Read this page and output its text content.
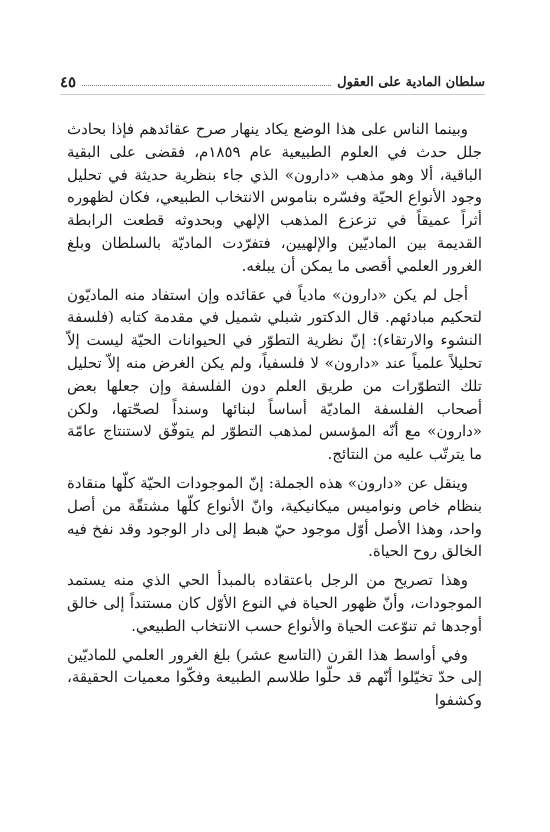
سلطان المادية على العقول
٤٥

وبينما الناس على هذا الوضع يكاد ينهار صرح عقائدهم فإذا بحادث جلل حدث في العلوم الطبيعية عام ١٨٥٩م، فقضى على البقية الباقية، ألا وهو مذهب «دارون» الذي جاء بنظرية حديثة في تحليل وجود الأنواع الحيّة وفسّره بناموس الانتخاب الطبيعي، فكان لظهوره أثراً عميقاً في تزعزع المذهب الإلهي وبحدوثه قطعت الرابطة القديمة بين الماديّين والإلهيين، فتفرّدت الماديّة بالسلطان وبلغ الغرور العلمي أقصى ما يمكن أن يبلغه.

أجل لم يكن «دارون» مادياً في عقائده وإن استفاد منه الماديّون لتحكيم مبادئهم. قال الدكتور شبلي شميل في مقدمة كتابه (فلسفة النشوء والارتقاء): إنّ نظرية التطوّر في الحيوانات الحيّة ليست إلاّ تحليلاً علمياً عند «دارون» لا فلسفياً، ولم يكن الغرض منه إلاّ تحليل تلك التطوّرات من طريق العلم دون الفلسفة وإن جعلها بعض أصحاب الفلسفة الماديّة أساساً لبنائها وسنداً لصحّتها، ولكن «دارون» مع أنّه المؤسس لمذهب التطوّر لم يتوفّق لاستنتاج عامّة ما يترتّب عليه من النتائج.

وينقل عن «دارون» هذه الجملة: إنّ الموجودات الحيّة كلّها منقادة بنظام خاص ونواميس ميكانيكية، وانّ الأنواع كلّها مشتقّة من أصل واحد، وهذا الأصل أوّل موجود حيّ هبط إلى دار الوجود وقد نفخ فيه الخالق روح الحياة.

وهذا تصريح من الرجل باعتقاده بالمبدأ الحي الذي منه يستمد الموجودات، وأنّ ظهور الحياة في النوع الأوّل كان مستنداً إلى خالق أوجدها ثم تنوّعت الحياة والأنواع حسب الانتخاب الطبيعي.

وفي أواسط هذا القرن (التاسع عشر) بلغ الغرور العلمي للماديّين إلى حدّ تخيّلوا أنّهم قد حلّوا طلاسم الطبيعة وفكّوا معميات الحقيقة، وكشفوا
